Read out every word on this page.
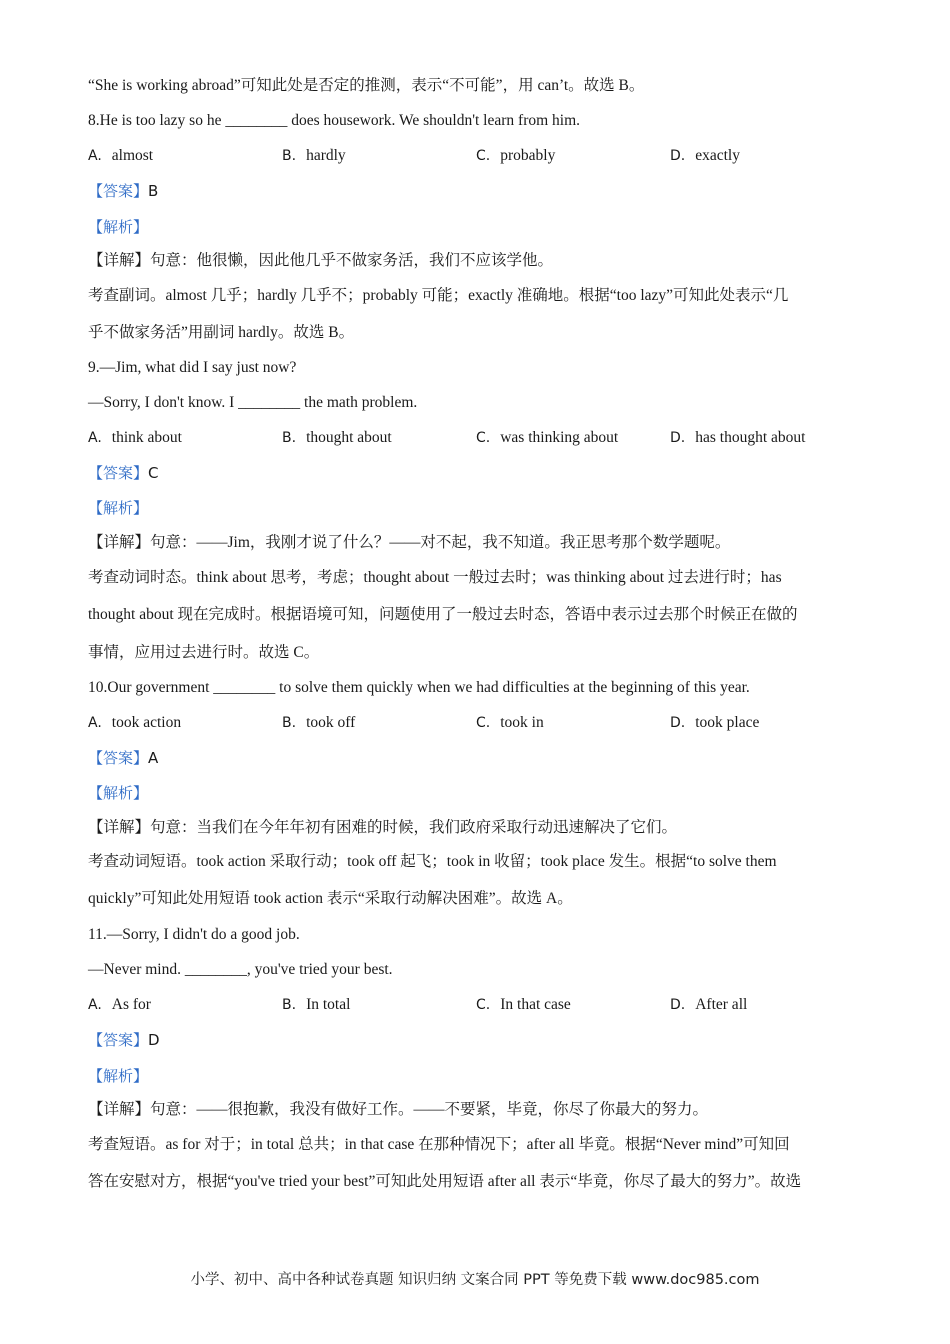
“She is working abroad”可知此处是否定的推测，表示“不可能”，用 can’t。故选 B。
8.He is too lazy so he ________ does housework. We shouldn't learn from him.
A. almost	B. hardly	C. probably	D. exactly
【答案】B
【解析】
【详解】句意：他很懒，因此他几乎不做家务活，我们不应该学他。
考查副词。almost 几乎；hardly 几乎不；probably 可能；exactly 准确地。根据“too lazy”可知此处表示“几
乎不做家务活”用副词 hardly。故选 B。
9.—Jim, what did I say just now?
—Sorry, I don't know. I ________ the math problem.
A. think about	B. thought about	C. was thinking about	D. has thought about
【答案】C
【解析】
【详解】句意：——Jim，我刚才说了什么？——对不起，我不知道。我正思考那个数学题呢。
考查动词时态。think about 思考，考虑；thought about 一般过去时；was thinking about 过去进行时；has
thought about 现在完成时。根据语境可知，问题使用了一般过去时态，答语中表示过去那个时候正在做的
事情，应用过去进行时。故选 C。
10.Our government ________ to solve them quickly when we had difficulties at the beginning of this year.
A. took action	B. took off	C. took in	D. took place
【答案】A
【解析】
【详解】句意：当我们在今年年初有困难的时候，我们政府采取行动迅速解决了它们。
考查动词短语。took action 采取行动；took off 起飞；took in 收留；took place 发生。根据“to solve them
quickly”可知此处用短语 took action 表示“采取行动解决困难”。故选 A。
11.—Sorry, I didn't do a good job.
—Never mind. ________, you've tried your best.
A. As for	B. In total	C. In that case	D. After all
【答案】D
【解析】
【详解】句意：——很抱歉，我没有做好工作。——不要紧，毕竟，你尽了你最大的努力。
考查短语。as for 对于；in total 总共；in that case 在那种情况下；after all 毕竟。根据“Never mind”可知回
答在安慰对方，根据“you've tried your best”可知此处用短语 after all 表示“毕竟，你尽了最大的努力”。故选
小学、初中、高中各种试卷真题 知识归纳 文案合同 PPT 等免费下载 www.doc985.com
